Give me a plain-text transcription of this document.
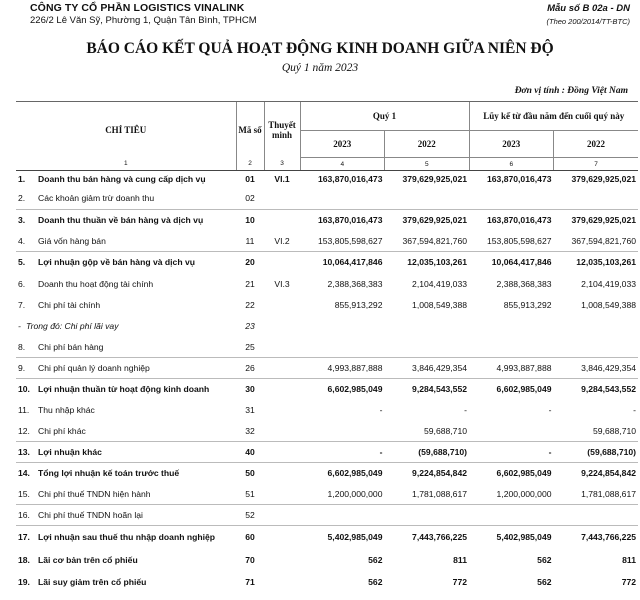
CÔNG TY CỔ PHẦN LOGISTICS VINALINK
226/2 Lê Văn Sỹ, Phường 1, Quận Tân Bình, TPHCM
Mẫu số B 02a - DN
(Theo 200/2014/TT-BTC)
BÁO CÁO KẾT QUẢ HOẠT ĐỘNG KINH DOANH GIỮA NIÊN ĐỘ
Quý 1 năm 2023
Đơn vị tính : Đồng Việt Nam
CHỈ TIÊU	Mã số	Thuyết minh	Quý 1		Lũy kế từ đầu năm đến cuối quý này	
			2023	2022	2023	2022
1	2	3	4	5	6	7
1. Doanh thu bán hàng và cung cấp dịch vụ	01	VI.1	163,870,016,473	379,629,925,021	163,870,016,473	379,629,925,021
2. Các khoản giảm trừ doanh thu	02					
3. Doanh thu thuần về bán hàng và dịch vụ	10		163,870,016,473	379,629,925,021	163,870,016,473	379,629,925,021
4. Giá vốn hàng bán	11	VI.2	153,805,598,627	367,594,821,760	153,805,598,627	367,594,821,760
5. Lợi nhuận gộp về bán hàng và dịch vụ	20		10,064,417,846	12,035,103,261	10,064,417,846	12,035,103,261
6. Doanh thu hoạt động tài chính	21	VI.3	2,388,368,383	2,104,419,033	2,388,368,383	2,104,419,033
7. Chi phí tài chính	22		855,913,292	1,008,549,388	855,913,292	1,008,549,388
- Trong đó: Chi phí lãi vay	23					
8. Chi phí bán hàng	25					
9. Chi phí quản lý doanh nghiệp	26		4,993,887,888	3,846,429,354	4,993,887,888	3,846,429,354
10. Lợi nhuận thuần từ hoạt động kinh doanh	30		6,602,985,049	9,284,543,552	6,602,985,049	9,284,543,552
11. Thu nhập khác	31		-	-	-	-
12. Chi phí khác	32			59,688,710		59,688,710
13. Lợi nhuận khác	40		-	(59,688,710)	-	(59,688,710)
14. Tổng lợi nhuận kế toán trước thuế	50		6,602,985,049	9,224,854,842	6,602,985,049	9,224,854,842
15. Chi phí thuế TNDN hiện hành	51		1,200,000,000	1,781,088,617	1,200,000,000	1,781,088,617
16. Chi phí thuế TNDN hoãn lại	52					
17. Lợi nhuận sau thuế thu nhập doanh nghiệp	60		5,402,985,049	7,443,766,225	5,402,985,049	7,443,766,225
18. Lãi cơ bản trên cổ phiếu	70		562	811	562	811
19. Lãi suy giảm trên cổ phiếu	71		562	772	562	772
